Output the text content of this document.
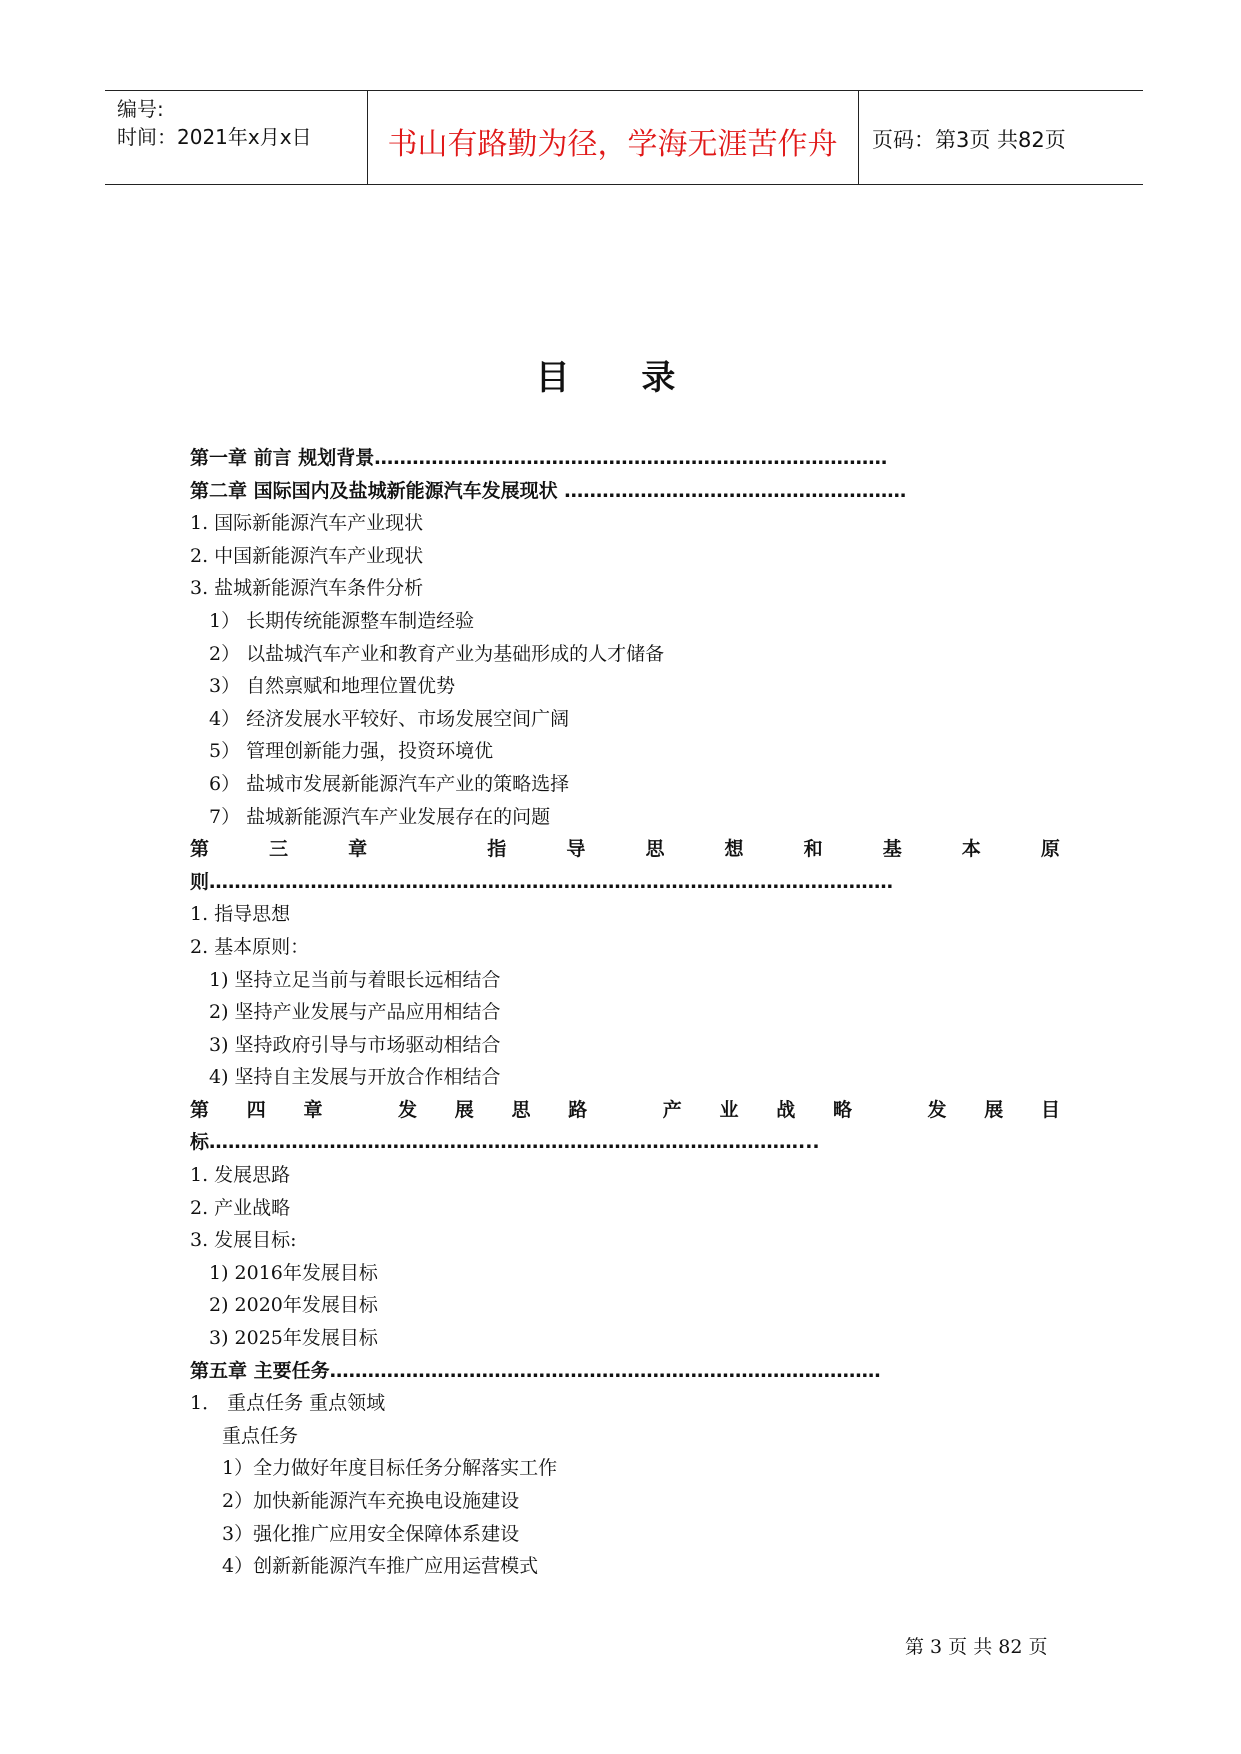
编号:
时间：2021年x月x日	书山有路勤为径，学海无涯苦作舟	页码：第3页 共82页
目 录
第一章 前言 规划背景………………………………………………………………………
第二章 国际国内及盐城新能源汽车发展现状 ………………………………………………
1. 国际新能源汽车产业现状
2. 中国新能源汽车产业现状
3. 盐城新能源汽车条件分析
1） 长期传统能源整车制造经验
2） 以盐城汽车产业和教育产业为基础形成的人才储备
3） 自然禀赋和地理位置优势
4） 经济发展水平较好、市场发展空间广阔
5） 管理创新能力强，投资环境优
6） 盐城市发展新能源汽车产业的策略选择
7） 盐城新能源汽车产业发展存在的问题
第	三	章	指	导	思	想	和	基	本	原
则………………………………………………………………………………………………
1. 指导思想
2. 基本原则：
1) 坚持立足当前与着眼长远相结合
2) 坚持产业发展与产品应用相结合
3) 坚持政府引导与市场驱动相结合
4) 坚持自主发展与开放合作相结合
第 四 章	发 展 思 路	产 业 战 略	发 展 目
标…………………………………………………………………………………...
1. 发展思路
2. 产业战略
3. 发展目标:
1) 2016年发展目标
2) 2020年发展目标
3) 2025年发展目标
第五章 主要任务……………………………………………………………………………
1． 重点任务 重点领域
重点任务
1）全力做好年度目标任务分解落实工作
2）加快新能源汽车充换电设施建设
3）强化推广应用安全保障体系建设
4）创新新能源汽车推广应用运营模式
第 3 页 共 82 页
